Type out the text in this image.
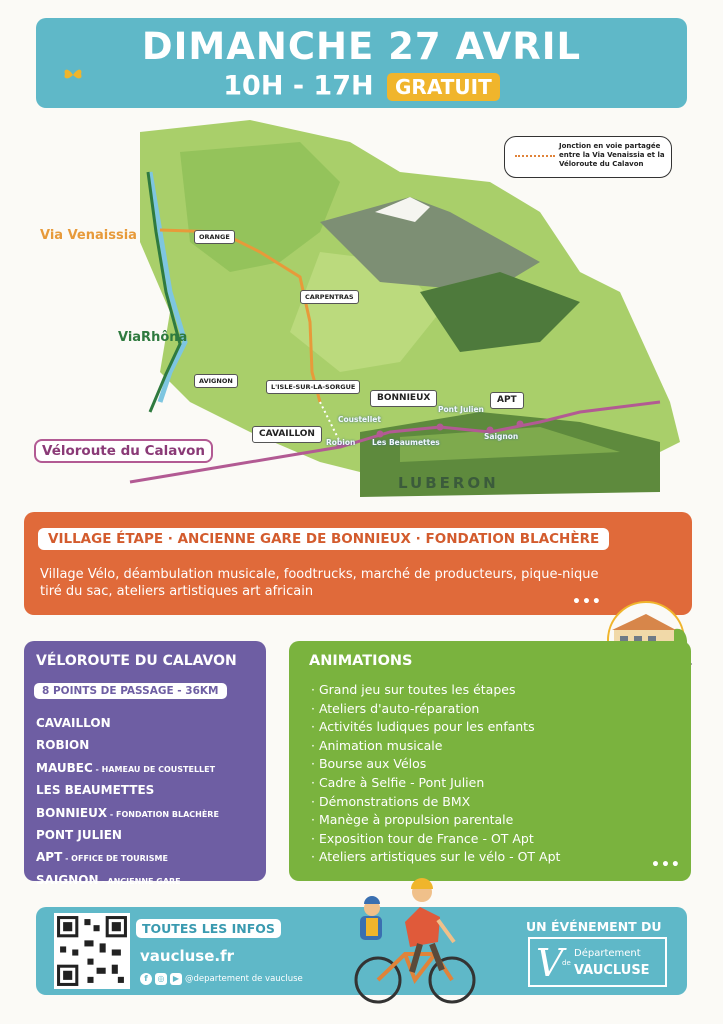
DIMANCHE 27 AVRIL
10H - 17H GRATUIT
Via Venaissia
ViaRhôna
Jonction en voie partagée entre la Via Venaissia et la Véloroute du Calavon
ORANGE
CARPENTRAS
AVIGNON
L'ISLE-SUR-LA-SORGUE
CAVAILLON
BONNIEUX	APT
Coustellet
Robion Les Beaumettes
Pont Julien
Saignon
LUBERON
Véloroute du Calavon
VILLAGE ÉTAPE · ANCIENNE GARE DE BONNIEUX · FONDATION BLACHÈRE
Village Vélo, déambulation musicale, foodtrucks, marché de producteurs, pique-nique tiré du sac, ateliers artistiques art africain
•••
VÉLOROUTE DU CALAVON
8 POINTS DE PASSAGE - 36KM
CAVAILLON
ROBION
MAUBEC - HAMEAU DE COUSTELLET
LES BEAUMETTES
BONNIEUX - FONDATION BLACHÈRE
PONT JULIEN
APT - OFFICE DE TOURISME
SAIGNON - ANCIENNE GARE
ANIMATIONS
· Grand jeu sur toutes les étapes
· Ateliers d'auto-réparation
· Activités ludiques pour les enfants
· Animation musicale
· Bourse aux Vélos
· Cadre à Selfie - Pont Julien
· Démonstrations de BMX
· Manège à propulsion parentale
· Exposition tour de France - OT Apt
· Ateliers artistiques sur le vélo - OT Apt
•••
TOUTES LES INFOS
vaucluse.fr
f	◎	▶ @departement de vaucluse
UN ÉVÉNEMENT DU
V
de
Département
VAUCLUSE
